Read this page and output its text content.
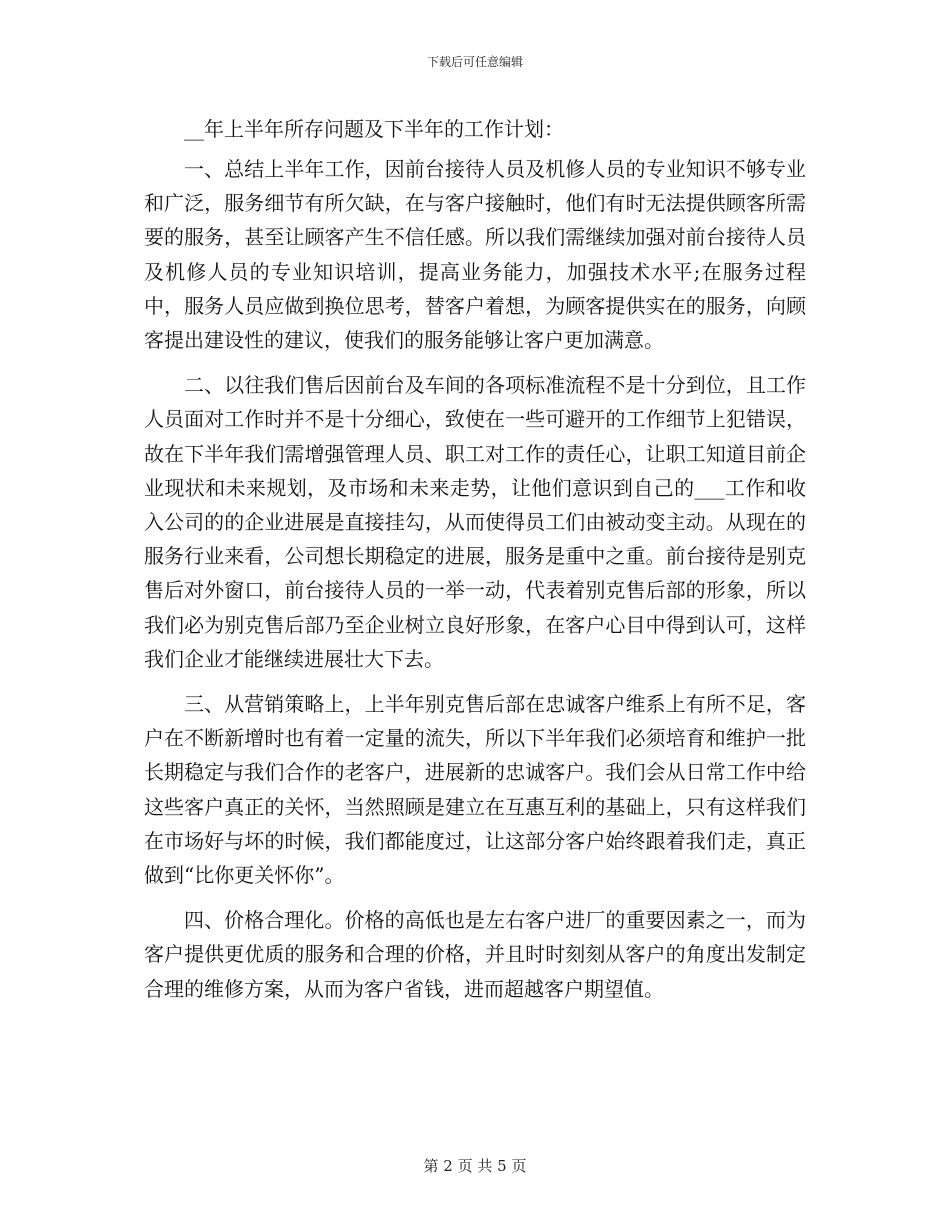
下载后可任意编辑

__年上半年所存问题及下半年的工作计划：

一、总结上半年工作，因前台接待人员及机修人员的专业知识不够专业和广泛，服务细节有所欠缺，在与客户接触时，他们有时无法提供顾客所需要的服务，甚至让顾客产生不信任感。所以我们需继续加强对前台接待人员及机修人员的专业知识培训，提高业务能力，加强技术水平;在服务过程中，服务人员应做到换位思考，替客户着想，为顾客提供实在的服务，向顾客提出建设性的建议，使我们的服务能够让客户更加满意。

二、以往我们售后因前台及车间的各项标准流程不是十分到位，且工作人员面对工作时并不是十分细心，致使在一些可避开的工作细节上犯错误，故在下半年我们需增强管理人员、职工对工作的责任心，让职工知道目前企业现状和未来规划，及市场和未来走势，让他们意识到自己的___工作和收入公司的的企业进展是直接挂勾，从而使得员工们由被动变主动。从现在的服务行业来看，公司想长期稳定的进展，服务是重中之重。前台接待是别克售后对外窗口，前台接待人员的一举一动，代表着别克售后部的形象，所以我们必为别克售后部乃至企业树立良好形象，在客户心目中得到认可，这样我们企业才能继续进展壮大下去。

三、从营销策略上，上半年别克售后部在忠诚客户维系上有所不足，客户在不断新增时也有着一定量的流失，所以下半年我们必须培育和维护一批长期稳定与我们合作的老客户，进展新的忠诚客户。我们会从日常工作中给这些客户真正的关怀，当然照顾是建立在互惠互利的基础上，只有这样我们在市场好与坏的时候，我们都能度过，让这部分客户始终跟着我们走，真正做到“比你更关怀你”。

四、价格合理化。价格的高低也是左右客户进厂的重要因素之一，而为客户提供更优质的服务和合理的价格，并且时时刻刻从客户的角度出发制定合理的维修方案，从而为客户省钱，进而超越客户期望值。

第 2 页 共 5 页
